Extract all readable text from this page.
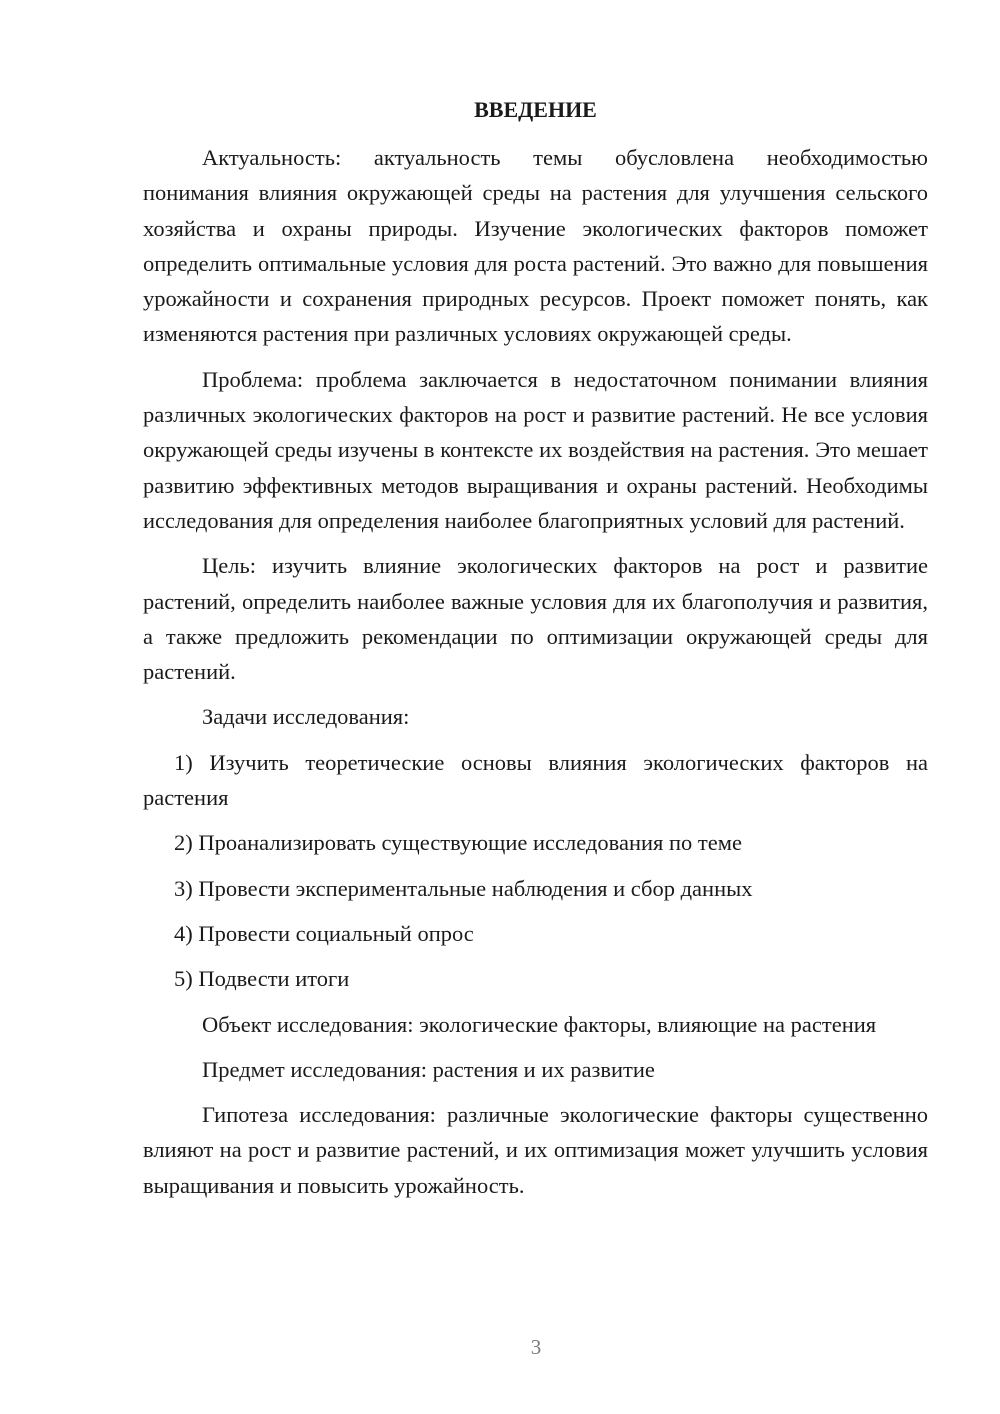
ВВЕДЕНИЕ

Актуальность: актуальность темы обусловлена необходимостью понимания влияния окружающей среды на растения для улучшения сельского хозяйства и охраны природы. Изучение экологических факторов поможет определить оптимальные условия для роста растений. Это важно для повышения урожайности и сохранения природных ресурсов. Проект поможет понять, как изменяются растения при различных условиях окружающей среды.

Проблема: проблема заключается в недостаточном понимании влияния различных экологических факторов на рост и развитие растений. Не все условия окружающей среды изучены в контексте их воздействия на растения. Это мешает развитию эффективных методов выращивания и охраны растений. Необходимы исследования для определения наиболее благоприятных условий для растений.

Цель: изучить влияние экологических факторов на рост и развитие растений, определить наиболее важные условия для их благополучия и развития, а также предложить рекомендации по оптимизации окружающей среды для растений.

Задачи исследования:

1) Изучить теоретические основы влияния экологических факторов на растения

2) Проанализировать существующие исследования по теме

3) Провести экспериментальные наблюдения и сбор данных

4) Провести социальный опрос

5) Подвести итоги

Объект исследования: экологические факторы, влияющие на растения

Предмет исследования: растения и их развитие

Гипотеза исследования: различные экологические факторы существенно влияют на рост и развитие растений, и их оптимизация может улучшить условия выращивания и повысить урожайность.

3
